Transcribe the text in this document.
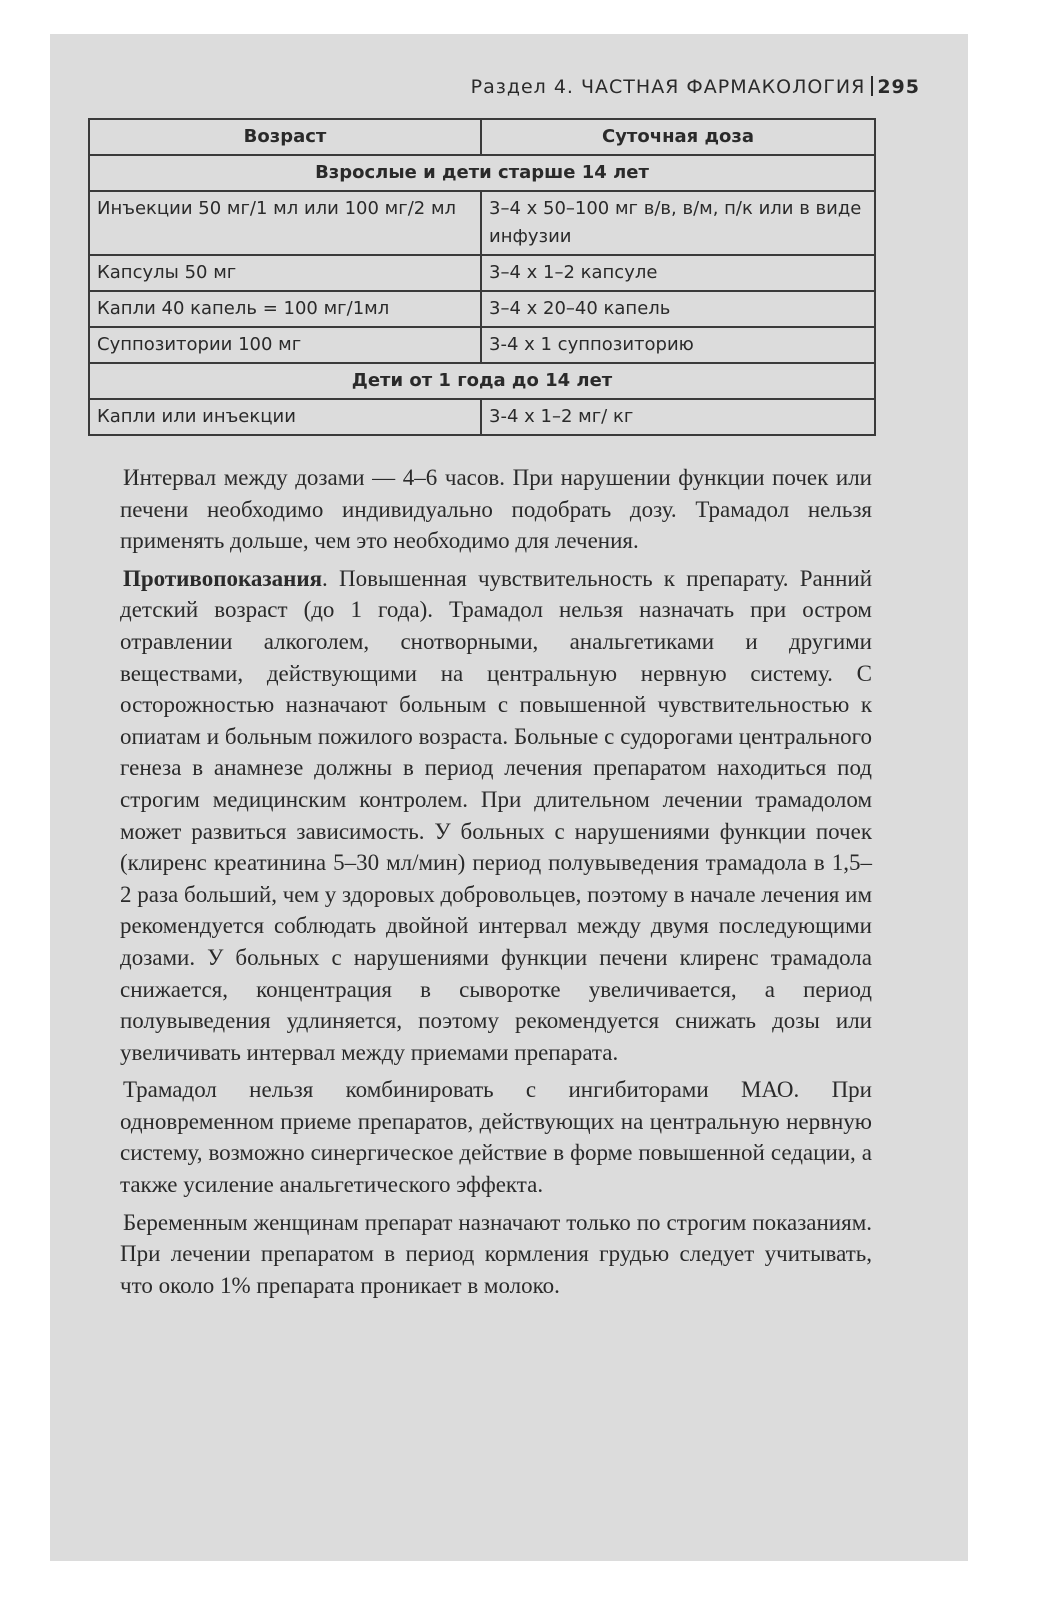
Раздел 4. ЧАСТНАЯ ФАРМАКОЛОГИЯ 295
Возраст	Суточная доза
Взрослые и дети старше 14 лет	
Инъекции 50 мг/1 мл или 100 мг/2 мл	3–4 x 50–100 мг в/в, в/м, п/к или в виде инфузии
Капсулы 50 мг	3–4 x 1–2 капсуле
Капли 40 капель = 100 мг/1мл	3–4 x 20–40 капель
Суппозитории 100 мг	3-4 x 1 суппозиторию
Дети от 1 года до 14 лет	
Капли или инъекции	3-4 x 1–2 мг/ кг

Интервал между дозами — 4–6 часов. При нарушении функции почек или печени необходимо индивидуально подобрать дозу. Трамадол нельзя применять дольше, чем это необходимо для лечения.

Противопоказания. Повышенная чувствительность к препарату. Ранний детский возраст (до 1 года). Трамадол нельзя назначать при остром отравлении алкоголем, снотворными, анальгетиками и другими веществами, действующими на центральную нервную систему. С осторожностью назначают больным с повышенной чувствительностью к опиатам и больным пожилого возраста. Больные с судорогами центрального генеза в анамнезе должны в период лечения препаратом находиться под строгим медицинским контролем. При длительном лечении трамадолом может развиться зависимость. У больных с нарушениями функции почек (клиренс креатинина 5–30 мл/мин) период полувыведения трамадола в 1,5–2 раза больший, чем у здоровых добровольцев, поэтому в начале лечения им рекомендуется соблюдать двойной интервал между двумя последующими дозами. У больных с нарушениями функции печени клиренс трамадола снижается, концентрация в сыворотке увеличивается, а период полувыведения удлиняется, поэтому рекомендуется снижать дозы или увеличивать интервал между приемами препарата.

Трамадол нельзя комбинировать с ингибиторами МАО. При одновременном приеме препаратов, действующих на центральную нервную систему, возможно синергическое действие в форме повышенной седации, а также усиление анальгетического эффекта.

Беременным женщинам препарат назначают только по строгим показаниям. При лечении препаратом в период кормления грудью следует учитывать, что около 1% препарата проникает в молоко.
